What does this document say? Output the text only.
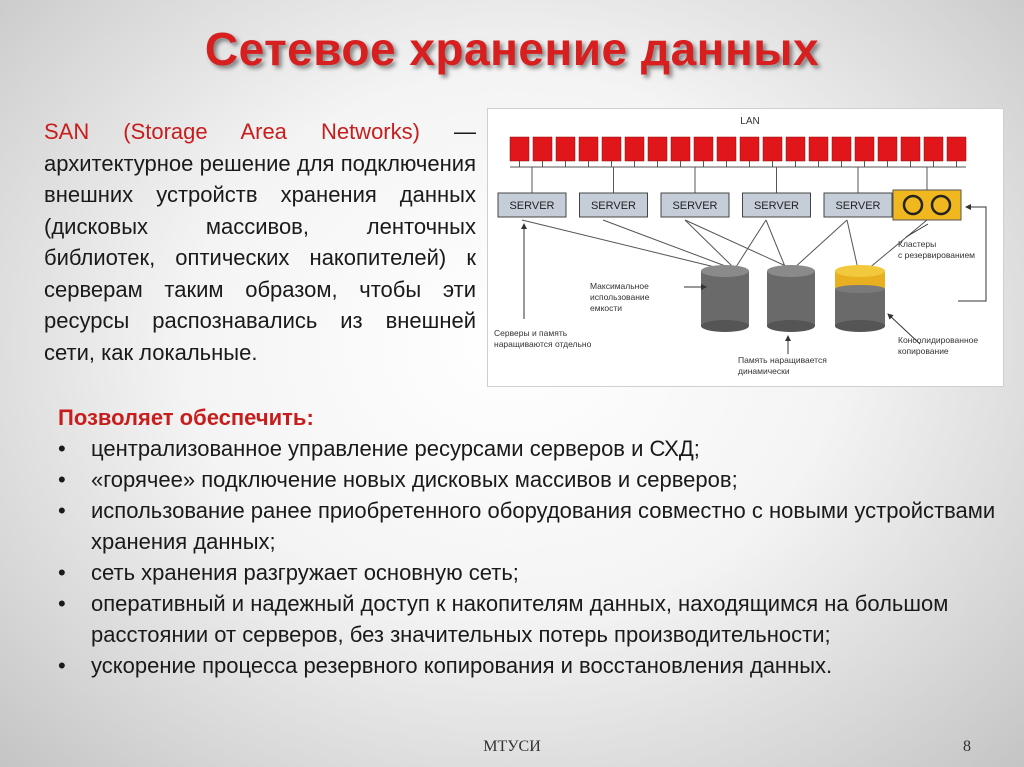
Сетевое хранение данных
SAN (Storage Area Networks) — архитектурное решение для подключения внешних устройств хранения данных (дисковых массивов, ленточных библиотек, оптических накопителей) к серверам таким образом, чтобы эти ресурсы распознавались из внешней сети, как локальные.
LAN
SERVER	SERVER	SERVER	SERVER	SERVER
Кластеры с резервированием
Максимальное использование емкости
Серверы и память наращиваются отдельно
Память наращивается динамически
Консолидированное копирование
Позволяет обеспечить:
• централизованное управление ресурсами серверов и СХД;
• «горячее» подключение новых дисковых массивов и серверов;
• использование ранее приобретенного оборудования совместно с новыми устройствами хранения данных;
• сеть хранения разгружает основную сеть;
• оперативный и надежный доступ к накопителям данных, находящимся на большом расстоянии от серверов, без значительных потерь производительности;
• ускорение процесса резервного копирования и восстановления данных.
МТУСИ	8
